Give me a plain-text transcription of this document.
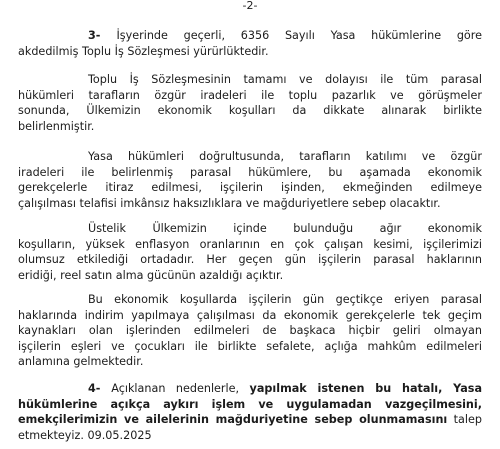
-2-
3- İşyerinde geçerli, 6356 Sayılı Yasa hükümlerine göre
akdedilmiş Toplu İş Sözleşmesi yürürlüktedir.
Toplu İş Sözleşmesinin tamamı ve dolayısı ile tüm parasal
hükümleri tarafların özgür iradeleri ile toplu pazarlık ve görüşmeler
sonunda, Ülkemizin ekonomik koşulları da dikkate alınarak birlikte
belirlenmiştir.
Yasa hükümleri doğrultusunda, tarafların katılımı ve özgür
iradeleri ile belirlenmiş parasal hükümlere, bu aşamada ekonomik
gerekçelerle itiraz edilmesi, işçilerin işinden, ekmeğinden edilmeye
çalışılması telafisi imkânsız haksızlıklara ve mağduriyetlere sebep olacaktır.
Üstelik Ülkemizin içinde bulunduğu ağır ekonomik
koşulların, yüksek enflasyon oranlarının en çok çalışan kesimi, işçilerimizi
olumsuz etkilediği ortadadır. Her geçen gün işçilerin parasal haklarının
eridiği, reel satın alma gücünün azaldığı açıktır.
Bu ekonomik koşullarda işçilerin gün geçtikçe eriyen parasal
haklarında indirim yapılmaya çalışılması da ekonomik gerekçelerle tek geçim
kaynakları olan işlerinden edilmeleri de başkaca hiçbir geliri olmayan
işçilerin eşleri ve çocukları ile birlikte sefalete, açlığa mahkûm edilmeleri
anlamına gelmektedir.
4- Açıklanan nedenlerle, yapılmak istenen bu hatalı, Yasa
hükümlerine açıkça aykırı işlem ve uygulamadan vazgeçilmesini,
emekçilerimizin ve ailelerinin mağduriyetine sebep olunmamasını talep
etmekteyiz. 09.05.2025
